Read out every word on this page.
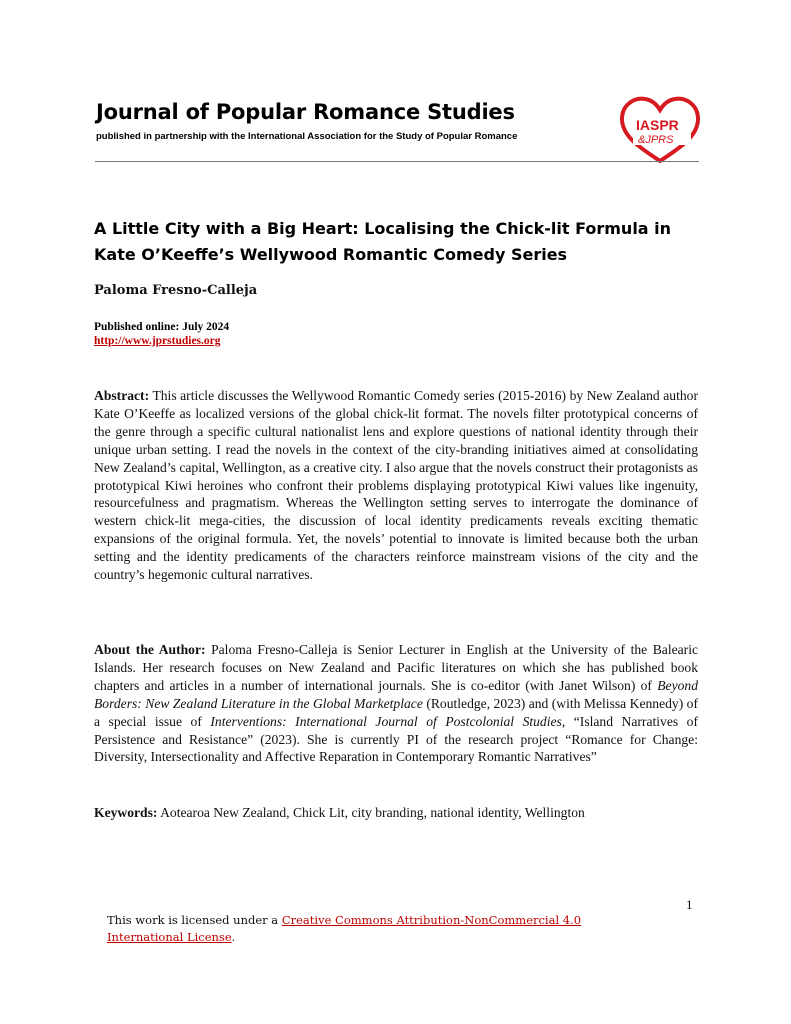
Journal of Popular Romance Studies
published in partnership with the International Association for the Study of Popular Romance
IASPR
&JPRS
A Little City with a Big Heart: Localising the Chick-lit Formula in Kate O’Keeffe’s Wellywood Romantic Comedy Series
Paloma Fresno-Calleja
Published online: July 2024
http://www.jprstudies.org

Abstract: This article discusses the Wellywood Romantic Comedy series (2015-2016) by New Zealand author Kate O’Keeffe as localized versions of the global chick-lit format. The novels filter prototypical concerns of the genre through a specific cultural nationalist lens and explore questions of national identity through their unique urban setting. I read the novels in the context of the city-branding initiatives aimed at consolidating New Zealand’s capital, Wellington, as a creative city. I also argue that the novels construct their protagonists as prototypical Kiwi heroines who confront their problems displaying prototypical Kiwi values like ingenuity, resourcefulness and pragmatism. Whereas the Wellington setting serves to interrogate the dominance of western chick-lit mega-cities, the discussion of local identity predicaments reveals exciting thematic expansions of the original formula. Yet, the novels’ potential to innovate is limited because both the urban setting and the identity predicaments of the characters reinforce mainstream visions of the city and the country’s hegemonic cultural narratives.

About the Author: Paloma Fresno-Calleja is Senior Lecturer in English at the University of the Balearic Islands. Her research focuses on New Zealand and Pacific literatures on which she has published book chapters and articles in a number of international journals. She is co-editor (with Janet Wilson) of Beyond Borders: New Zealand Literature in the Global Marketplace (Routledge, 2023) and (with Melissa Kennedy) of a special issue of Interventions: International Journal of Postcolonial Studies, “Island Narratives of Persistence and Resistance” (2023). She is currently PI of the research project “Romance for Change: Diversity, Intersectionality and Affective Reparation in Contemporary Romantic Narratives”

Keywords: Aotearoa New Zealand, Chick Lit, city branding, national identity, Wellington

1
This work is licensed under a Creative Commons Attribution-NonCommercial 4.0 International License.
